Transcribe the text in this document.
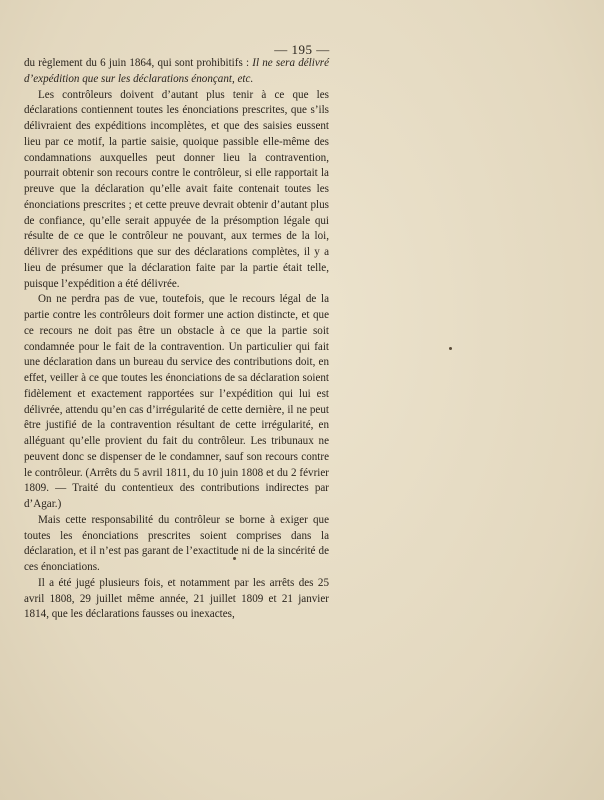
— 195 —

du règlement du 6 juin 1864, qui sont prohibitifs : Il ne sera délivré d’expédition que sur les déclarations énonçant, etc.

Les contrôleurs doivent d’autant plus tenir à ce que les déclarations contiennent toutes les énonciations prescrites, que s’ils délivraient des expéditions incomplètes, et que des saisies eussent lieu par ce motif, la partie saisie, quoique passible elle-même des condamnations auxquelles peut donner lieu la contravention, pourrait obtenir son recours contre le contrôleur, si elle rapportait la preuve que la déclaration qu’elle avait faite contenait toutes les énonciations prescrites ; et cette preuve devrait obtenir d’autant plus de confiance, qu’elle serait appuyée de la présomption légale qui résulte de ce que le contrôleur ne pouvant, aux termes de la loi, délivrer des expéditions que sur des déclarations complètes, il y a lieu de présumer que la déclaration faite par la partie était telle, puisque l’expédition a été délivrée.

On ne perdra pas de vue, toutefois, que le recours légal de la partie contre les contrôleurs doit former une action distincte, et que ce recours ne doit pas être un obstacle à ce que la partie soit condamnée pour le fait de la contravention. Un particulier qui fait une déclaration dans un bureau du service des contributions doit, en effet, veiller à ce que toutes les énonciations de sa déclaration soient fidèlement et exactement rapportées sur l’expédition qui lui est délivrée, attendu qu’en cas d’irrégularité de cette dernière, il ne peut être justifié de la contravention résultant de cette irrégularité, en alléguant qu’elle provient du fait du contrôleur. Les tribunaux ne peuvent donc se dispenser de le condamner, sauf son recours contre le contrôleur. (Arrêts du 5 avril 1811, du 10 juin 1808 et du 2 février 1809. — Traité du contentieux des contributions indirectes par d’Agar.)

Mais cette responsabilité du contrôleur se borne à exiger que toutes les énonciations prescrites soient comprises dans la déclaration, et il n’est pas garant de l’exactitude ni de la sincérité de ces énonciations.

Il a été jugé plusieurs fois, et notamment par les arrêts des 25 avril 1808, 29 juillet même année, 21 juillet 1809 et 21 janvier 1814, que les déclarations fausses ou inexactes,
